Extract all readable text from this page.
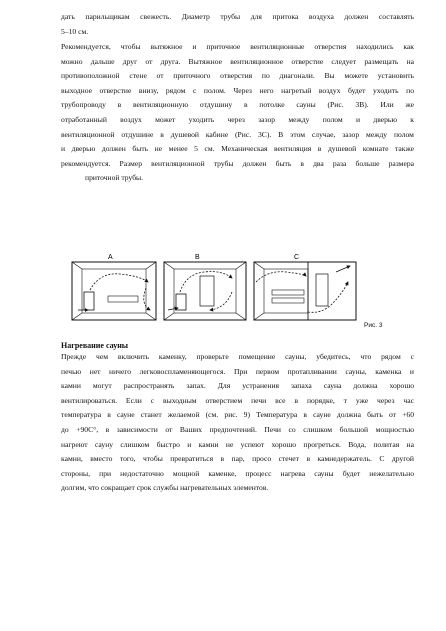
дать парильщикам свежесть. Диаметр трубы для притока воздуха должен составлять
5–10 см.
Рекомендуется, чтобы вытяжное и приточное вентиляционные отверстия находились как
можно дальше друг от друга. Вытяжное вентиляционное отверстие следует размещать на
противоположной стене от приточного отверстия по диагонали. Вы можете установить
выходное отверстие внизу, рядом с полом. Через него нагретый воздух будет уходить по
трубопроводу в вентиляционную отдушину в потолке сауны (Рис. 3В). Или же
отработанный воздух может уходить через зазор между полом и дверью к
вентиляционной отдушине в душевой кабине (Рис. 3С). В этом случае, зазор между полом
и дверью должен быть не менее 5 см. Механическая вентиляция в душевой комнате также
рекомендуется. Размер вентиляционной трубы должен быть в два раза больше размера
приточной трубы.
A	B	C

Рис. 3

Нагревание сауны

Прежде чем включить каменку, проверьте помещение сауны, убедитесь, что рядом с
печью нет ничего легковоспламеняющегося. При первом протапливании сауны, каменка и
камни могут распространять запах. Для устранения запаха сауна должна хорошо
вентилироваться. Если с выходным отверстием печи все в порядке, т уже через час
температура в сауне станет желаемой (см. рис. 9) Температура в сауне должна быть от +60
до +90С°, в зависимости от Ваших предпочтений. Печи со слишком большой мощностью
нагреют сауну слишком быстро и камни не успеют хорошо прогреться. Вода, политая на
камни, вместо того, чтобы превратиться в пар, просо стечет в камнедержатель. С другой
стороны, при недостаточно мощной каменке, процесс нагрева сауны будет нежелательно
долгим, что сокращает срок службы нагревательных элементов.
